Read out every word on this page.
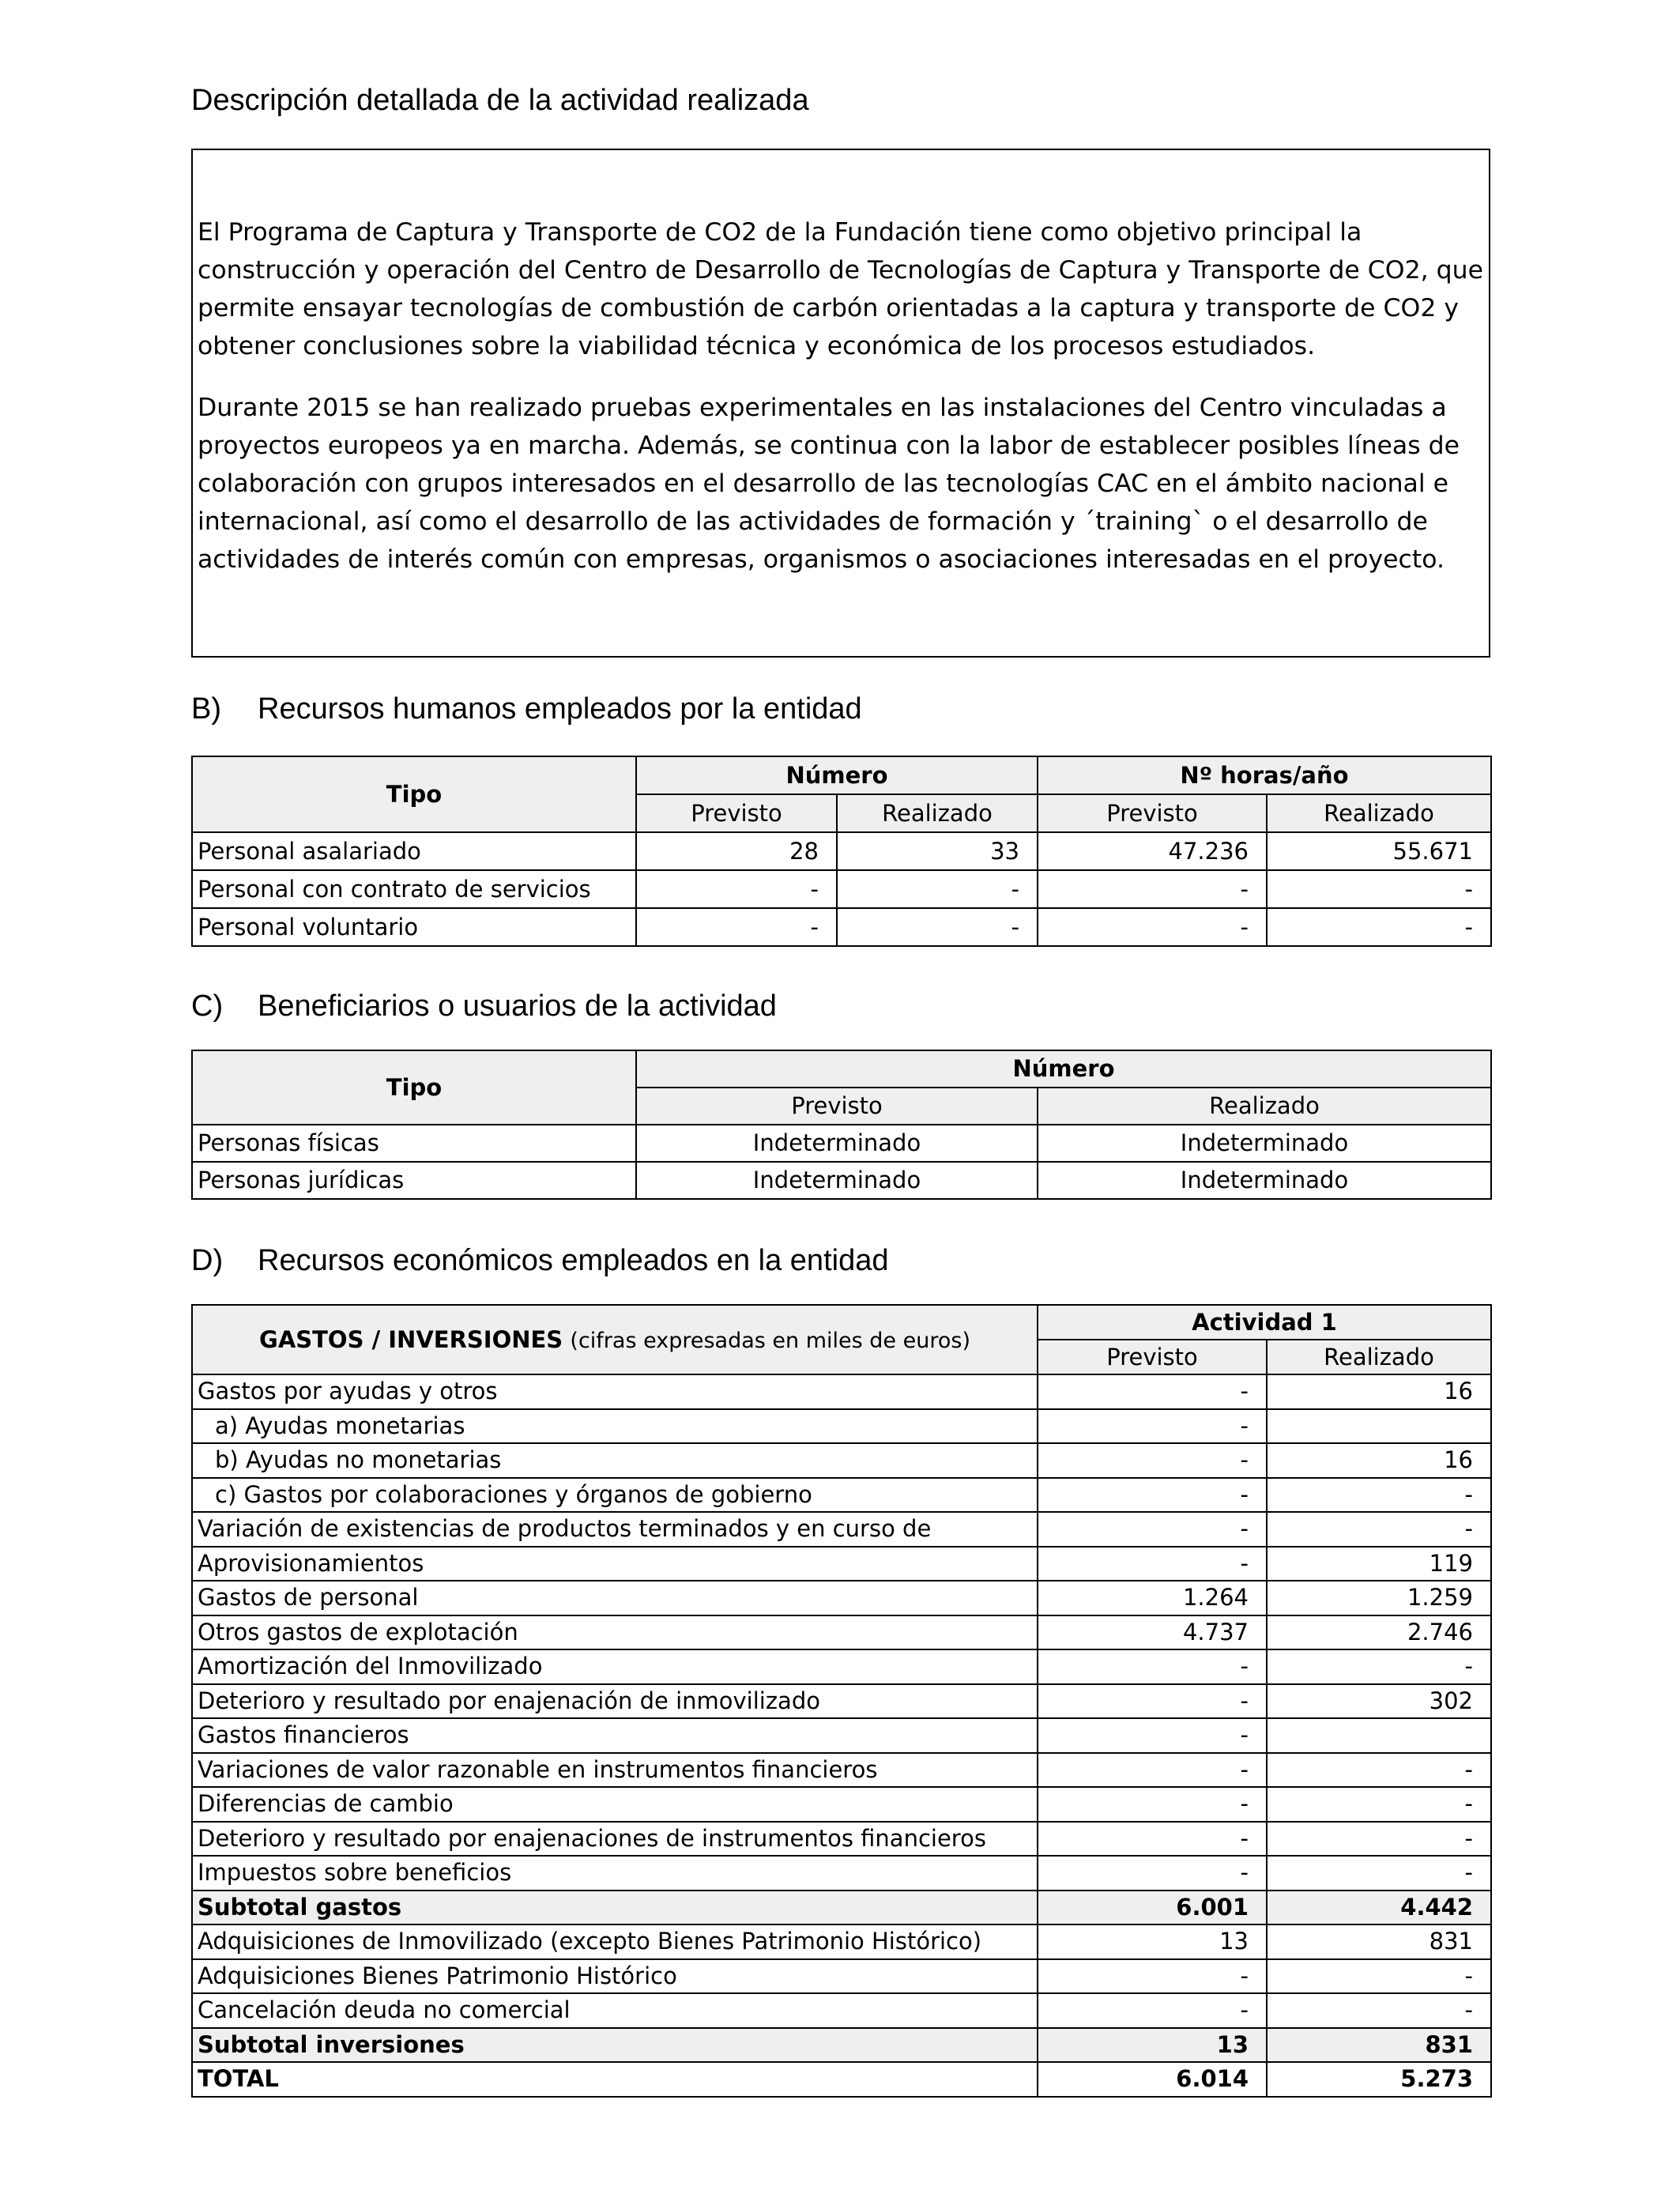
Descripción detallada de la actividad realizada

El Programa de Captura y Transporte de CO2 de la Fundación tiene como objetivo principal la construcción y operación del Centro de Desarrollo de Tecnologías de Captura y Transporte de CO2, que permite ensayar tecnologías de combustión de carbón orientadas a la captura y transporte de CO2 y obtener conclusiones sobre la viabilidad técnica y económica de los procesos estudiados.

Durante 2015 se han realizado pruebas experimentales en las instalaciones del Centro vinculadas a proyectos europeos ya en marcha. Además, se continua con la labor de establecer posibles líneas de colaboración con grupos interesados en el desarrollo de las tecnologías CAC en el ámbito nacional e internacional, así como el desarrollo de las actividades de formación y ´training` o el desarrollo de actividades de interés común con empresas, organismos o asociaciones interesadas en el proyecto.

B) Recursos humanos empleados por la entidad
Tipo	Número		Nº horas/año	
	Previsto	Realizado	Previsto	Realizado
Personal asalariado	28	33	47.236	55.671
Personal con contrato de servicios	-	-	-	-
Personal voluntario	-	-	-	-
C) Beneficiarios o usuarios de la actividad
Tipo	Número	
	Previsto	Realizado
Personas físicas	Indeterminado	Indeterminado
Personas jurídicas	Indeterminado	Indeterminado
D) Recursos económicos empleados en la entidad
GASTOS / INVERSIONES (cifras expresadas en miles de euros)	Actividad 1	
	Previsto	Realizado
Gastos por ayudas y otros	-	16
a) Ayudas monetarias	-	
b) Ayudas no monetarias	-	16
c) Gastos por colaboraciones y órganos de gobierno	-	-
Variación de existencias de productos terminados y en curso de	-	-
Aprovisionamientos	-	119
Gastos de personal	1.264	1.259
Otros gastos de explotación	4.737	2.746
Amortización del Inmovilizado	-	-
Deterioro y resultado por enajenación de inmovilizado	-	302
Gastos financieros	-	
Variaciones de valor razonable en instrumentos financieros	-	-
Diferencias de cambio	-	-
Deterioro y resultado por enajenaciones de instrumentos financieros	-	-
Impuestos sobre beneficios	-	-
Subtotal gastos	6.001	4.442
Adquisiciones de Inmovilizado (excepto Bienes Patrimonio Histórico)	13	831
Adquisiciones Bienes Patrimonio Histórico	-	-
Cancelación deuda no comercial	-	-
Subtotal inversiones	13	831
TOTAL	6.014	5.273
